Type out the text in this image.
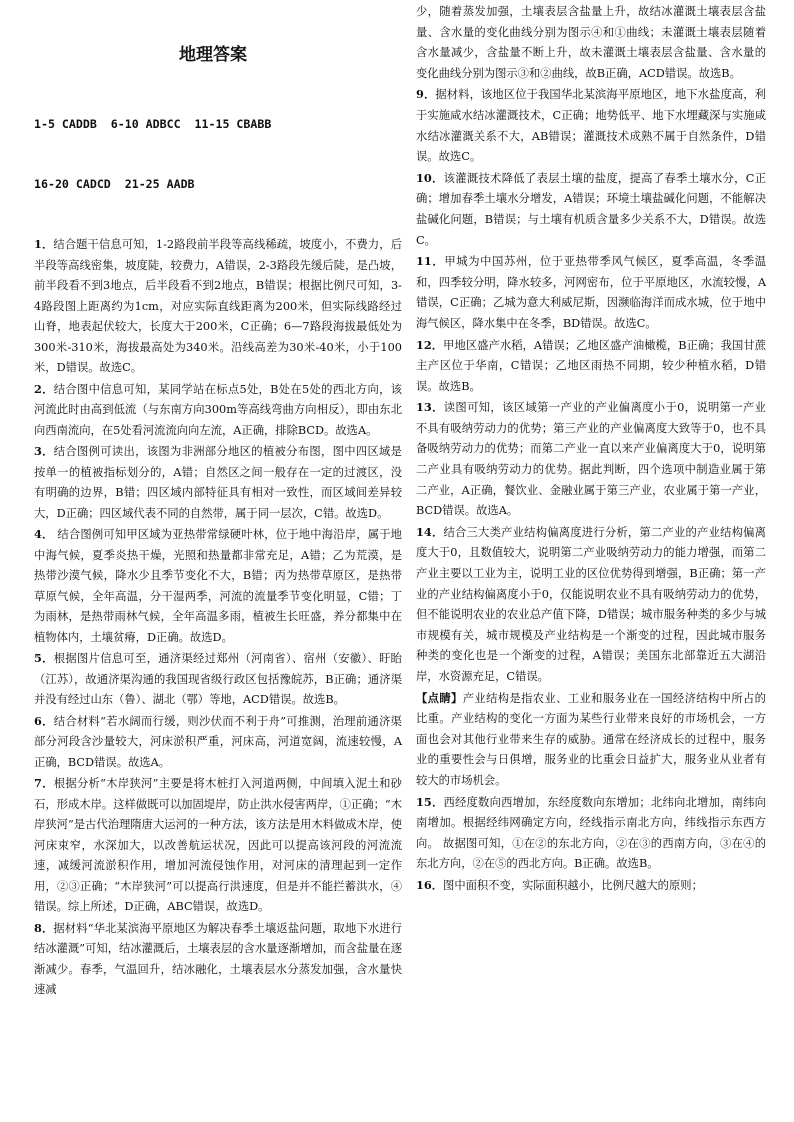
地理答案

1-5 CADDB  6-10 ADBCC  11-15 CBABB

16-20 CADCD  21-25 AADB

1．结合题干信息可知，1-2路段前半段等高线稀疏，坡度小，不费力，后半段等高线密集，坡度陡，较费力，A错误，2-3路段先缓后陡，是凸坡，前半段看不到3地点，后半段看不到2地点，B错误；根据比例尺可知，3-4路段图上距离约为1cm，对应实际直线距离为200米，但实际线路经过山脊，地表起伏较大，长度大于200米，C正确；6—7路段海拔最低处为300米-310米，海拔最高处为340米。沿线高差为30米-40米，小于100米，D错误。故选C。

2．结合图中信息可知，某同学站在标点5处，B处在5处的西北方向，该河流此时由高到低流（与东南方向300m等高线弯曲方向相反），即由东北向西南流向，在5处看河流流向向左流，A正确，排除BCD。故选A。

3．结合图例可读出，该图为非洲部分地区的植被分布图，图中四区域是按单一的植被指标划分的，A错；自然区之间一般存在一定的过渡区，没有明确的边界，B错；四区域内部特征具有相对一致性，而区域间差异较大，D正确；四区域代表不同的自然带，属于同一层次，C错。故选D。

4． 结合图例可知甲区域为亚热带常绿硬叶林，位于地中海沿岸，属于地中海气候，夏季炎热干燥，光照和热量都非常充足，A错；乙为荒漠，是热带沙漠气候，降水少且季节变化不大，B错；丙为热带草原区，是热带草原气候，全年高温，分干湿两季，河流的流量季节变化明显，C错；丁为雨林，是热带雨林气候，全年高温多雨，植被生长旺盛，养分都集中在植物体内，土壤贫瘠，D正确。故选D。

5．根据图片信息可至，通济渠经过郑州（河南省）、宿州（安徽）、盱眙（江苏），故通济渠沟通的我国现省级行政区包括豫皖苏，B正确；通济渠并没有经过山东（鲁）、湖北（鄂）等地，ACD错误。故选B。

6．结合材料“若水阔而行缓，则沙伏而不利于舟”可推测，治理前通济渠部分河段含沙量较大，河床淤积严重，河床高，河道宽阔，流速较慢，A正确，BCD错误。故选A。

7．根据分析“木岸狭河”主要是将木桩打入河道两侧，中间填入泥土和砂石，形成木岸。这样做既可以加固堤岸，防止洪水侵害两岸，①正确；“木岸狭河”是古代治理隋唐大运河的一种方法，该方法是用木料做成木岸，使河床束窄，水深加大，以改善航运状况，因此可以提高该河段的河流流速，减缓河流淤积作用，增加河流侵蚀作用，对河床的清理起到一定作用，②③正确；“木岸狭河”可以提高行洪速度，但是并不能拦蓄洪水，④错误。综上所述，D正确，ABC错误，故选D。

8．据材料“华北某滨海平原地区为解决春季土壤返盐问题，取地下水进行结冰灌溉”可知，结冰灌溉后，土壤表层的含水量逐渐增加，而含盐量在逐渐减少。春季，气温回升，结冰融化，土壤表层水分蒸发加强，含水量快速减

少，随着蒸发加强，土壤表层含盐量上升，故结冰灌溉土壤表层含盐量、含水量的变化曲线分别为图示④和①曲线；未灌溉土壤表层随着含水量减少，含盐量不断上升，故未灌溉土壤表层含盐量、含水量的变化曲线分别为图示③和②曲线，故B正确，ACD错误。故选B。

9．据材料，该地区位于我国华北某滨海平原地区，地下水盐度高，利于实施咸水结冰灌溉技术，C正确；地势低平、地下水埋藏深与实施咸水结冰灌溉关系不大，AB错误；灌溉技术成熟不属于自然条件，D错误。故选C。

10．该灌溉技术降低了表层土壤的盐度，提高了春季土壤水分，C正确；增加春季土壤水分增发，A错误；环境土壤盐碱化问题，不能解决盐碱化问题，B错误；与土壤有机质含量多少关系不大，D错误。故选C。

11．甲城为中国苏州，位于亚热带季风气候区，夏季高温，冬季温和，四季较分明，降水较多，河网密布，位于平原地区，水流较慢，A错误，C正确；乙城为意大利威尼斯，因濒临海洋而成水城，位于地中海气候区，降水集中在冬季，BD错误。故选C。

12．甲地区盛产水稻，A错误；乙地区盛产油橄榄，B正确；我国甘蔗主产区位于华南，C错误；乙地区雨热不同期，较少种植水稻，D错误。故选B。

13．读图可知，该区域第一产业的产业偏离度小于0，说明第一产业不具有吸纳劳动力的优势；第三产业的产业偏离度大致等于0，也不具备吸纳劳动力的优势；而第二产业一直以来产业偏离度大于0，说明第二产业具有吸纳劳动力的优势。据此判断，四个选项中制造业属于第二产业，A正确，餐饮业、金融业属于第三产业，农业属于第一产业，BCD错误。故选A。

14．结合三大类产业结构偏离度进行分析，第二产业的产业结构偏离度大于0，且数值较大，说明第二产业吸纳劳动力的能力增强，而第二产业主要以工业为主，说明工业的区位优势得到增强，B正确；第一产业的产业结构偏离度小于0，仅能说明农业不具有吸纳劳动力的优势，但不能说明农业的农业总产值下降，D错误；城市服务种类的多少与城市规模有关，城市规模及产业结构是一个渐变的过程，因此城市服务种类的变化也是一个渐变的过程，A错误；美国东北部靠近五大湖沿岸，水资源充足，C错误。

【点睛】产业结构是指农业、工业和服务业在一国经济结构中所占的比重。产业结构的变化一方面为某些行业带来良好的市场机会，一方面也会对其他行业带来生存的威胁。通常在经济成长的过程中，服务业的重要性会与日俱增，服务业的比重会日益扩大，服务业从业者有较大的市场机会。

15．西经度数向西增加，东经度数向东增加；北纬向北增加，南纬向南增加。根据经纬网确定方向，经线指示南北方向，纬线指示东西方向。 故据图可知，①在②的东北方向，②在③的西南方向，③在④的东北方向，②在⑤的西北方向。B正确。故选B。

16．图中面积不变，实际面积越小，比例尺越大的原则；
